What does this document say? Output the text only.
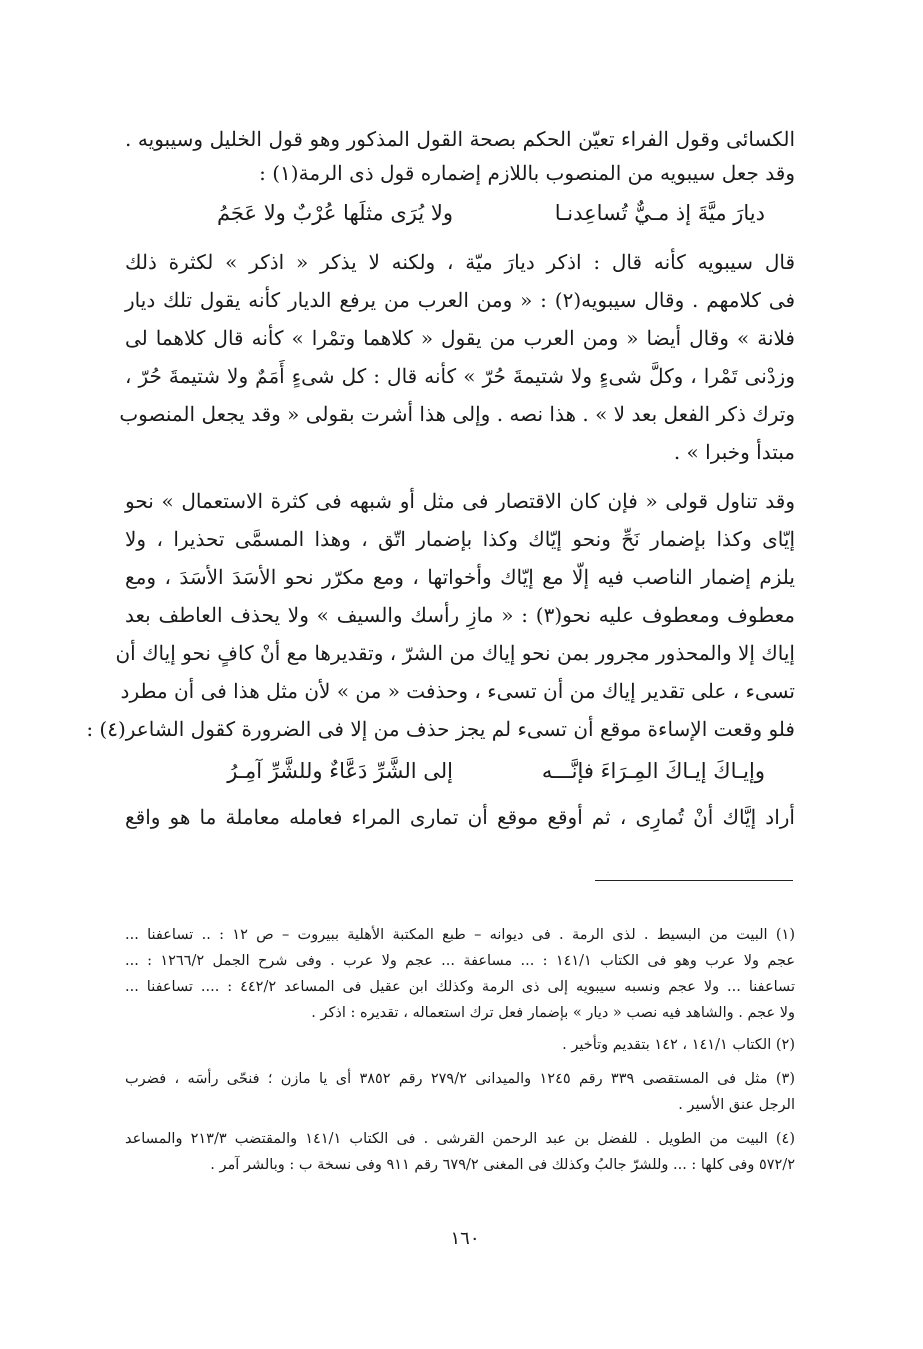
الكسائى وقول الفراء تعيّن الحكم بصحة القول المذكور وهو قول الخليل وسيبويه .
وقد جعل سيبويه من المنصوب باللازم إضماره قول ذى الرمة(١) :
ديارَ ميَّةَ إذ مـيٌّ تُساعِدنـا
ولا يُرَى مثلَها عُرْبٌ ولا عَجَمُ
قال سيبويه كأنه قال : اذكر ديارَ ميّة ، ولكنه لا يذكر « اذكر » لكثرة ذلك
فى كلامهم . وقال سيبويه(٢) : « ومن العرب من يرفع الديار كأنه يقول تلك ديار
فلانة » وقال أيضا « ومن العرب من يقول « كلاهما وتمْرا » كأنه قال كلاهما لى
وزدْنى تَمْرا ، وكلَّ شىءٍ ولا شتيمةَ حُرّ » كأنه قال : كل شىءٍ أَمَمٌ ولا شتيمةَ حُرّ ،
وترك ذكر الفعل بعد لا » . هذا نصه . وإلى هذا أشرت بقولى « وقد يجعل المنصوب
مبتدأ وخبرا » .
وقد تناول قولى « فإن كان الاقتصار فى مثل أو شبهه فى كثرة الاستعمال » نحو
إيّاى وكذا بإضمار نَحِّ ونحو إيّاك وكذا بإضمار اتّق ، وهذا المسمَّى تحذيرا ، ولا
يلزم إضمار الناصب فيه إلّا مع إيّاك وأخواتها ، ومع مكرّر نحو الأسَدَ الأسَدَ ، ومع
معطوف ومعطوف عليه نحو(٣) : « مازِ رأسك والسيف » ولا يحذف العاطف بعد
إياك إلا والمحذور مجرور بمن نحو إياك من الشرّ ، وتقديرها مع أنْ كافٍ نحو إياك أن
تسىء ، على تقدير إياك من أن تسىء ، وحذفت « من » لأن مثل هذا فى أن مطرد
فلو وقعت الإساءة موقع أن تسىء لم يجز حذف من إلا فى الضرورة كقول الشاعر(٤) :
وإيـاكَ إيـاكَ المِـرَاءَ فإنَّـــه
إلى الشَّرِّ دَعَّاءٌ وللشَّرِّ آمِـرُ
أراد إيَّاك أنْ تُمارِى ، ثم أوقع موقع أن تمارى المراء فعامله معاملة ما هو واقع
(١) البيت من البسيط . لذى الرمة . فى ديوانه – طبع المكتبة الأهلية ببيروت – ص ١٢ : .. تساعفنا ...
عجم ولا عرب وهو فى الكتاب ١٤١/١ : ... مساعفة ... عجم ولا عرب . وفى شرح الجمل ١٢٦٦/٢ : ...
تساعفنا ... ولا عجم ونسبه سيبويه إلى ذى الرمة وكذلك ابن عقيل فى المساعد ٤٤٢/٢ : .... تساعفنا ...
ولا عجم . والشاهد فيه نصب « ديار » بإضمار فعل ترك استعماله ، تقديره : اذكر .
(٢) الكتاب ١٤١/١ ، ١٤٢ بتقديم وتأخير .
(٣) مثل فى المستقصى ٣٣٩ رقم ١٢٤٥ والميدانى ٢٧٩/٢ رقم ٣٨٥٢ أى يا مازن ؛ فنحّى رأسَه ، فضرب
الرجل عنق الأسير .
(٤) البيت من الطويل . للفضل بن عبد الرحمن القرشى . فى الكتاب ١٤١/١ والمقتضب ٢١٣/٣ والمساعد
٥٧٢/٢ وفى كلها : ... وللشرّ جالبُ وكذلك فى المغنى ٦٧٩/٢ رقم ٩١١ وفى نسخة ب : وبالشر آمر .
١٦٠
